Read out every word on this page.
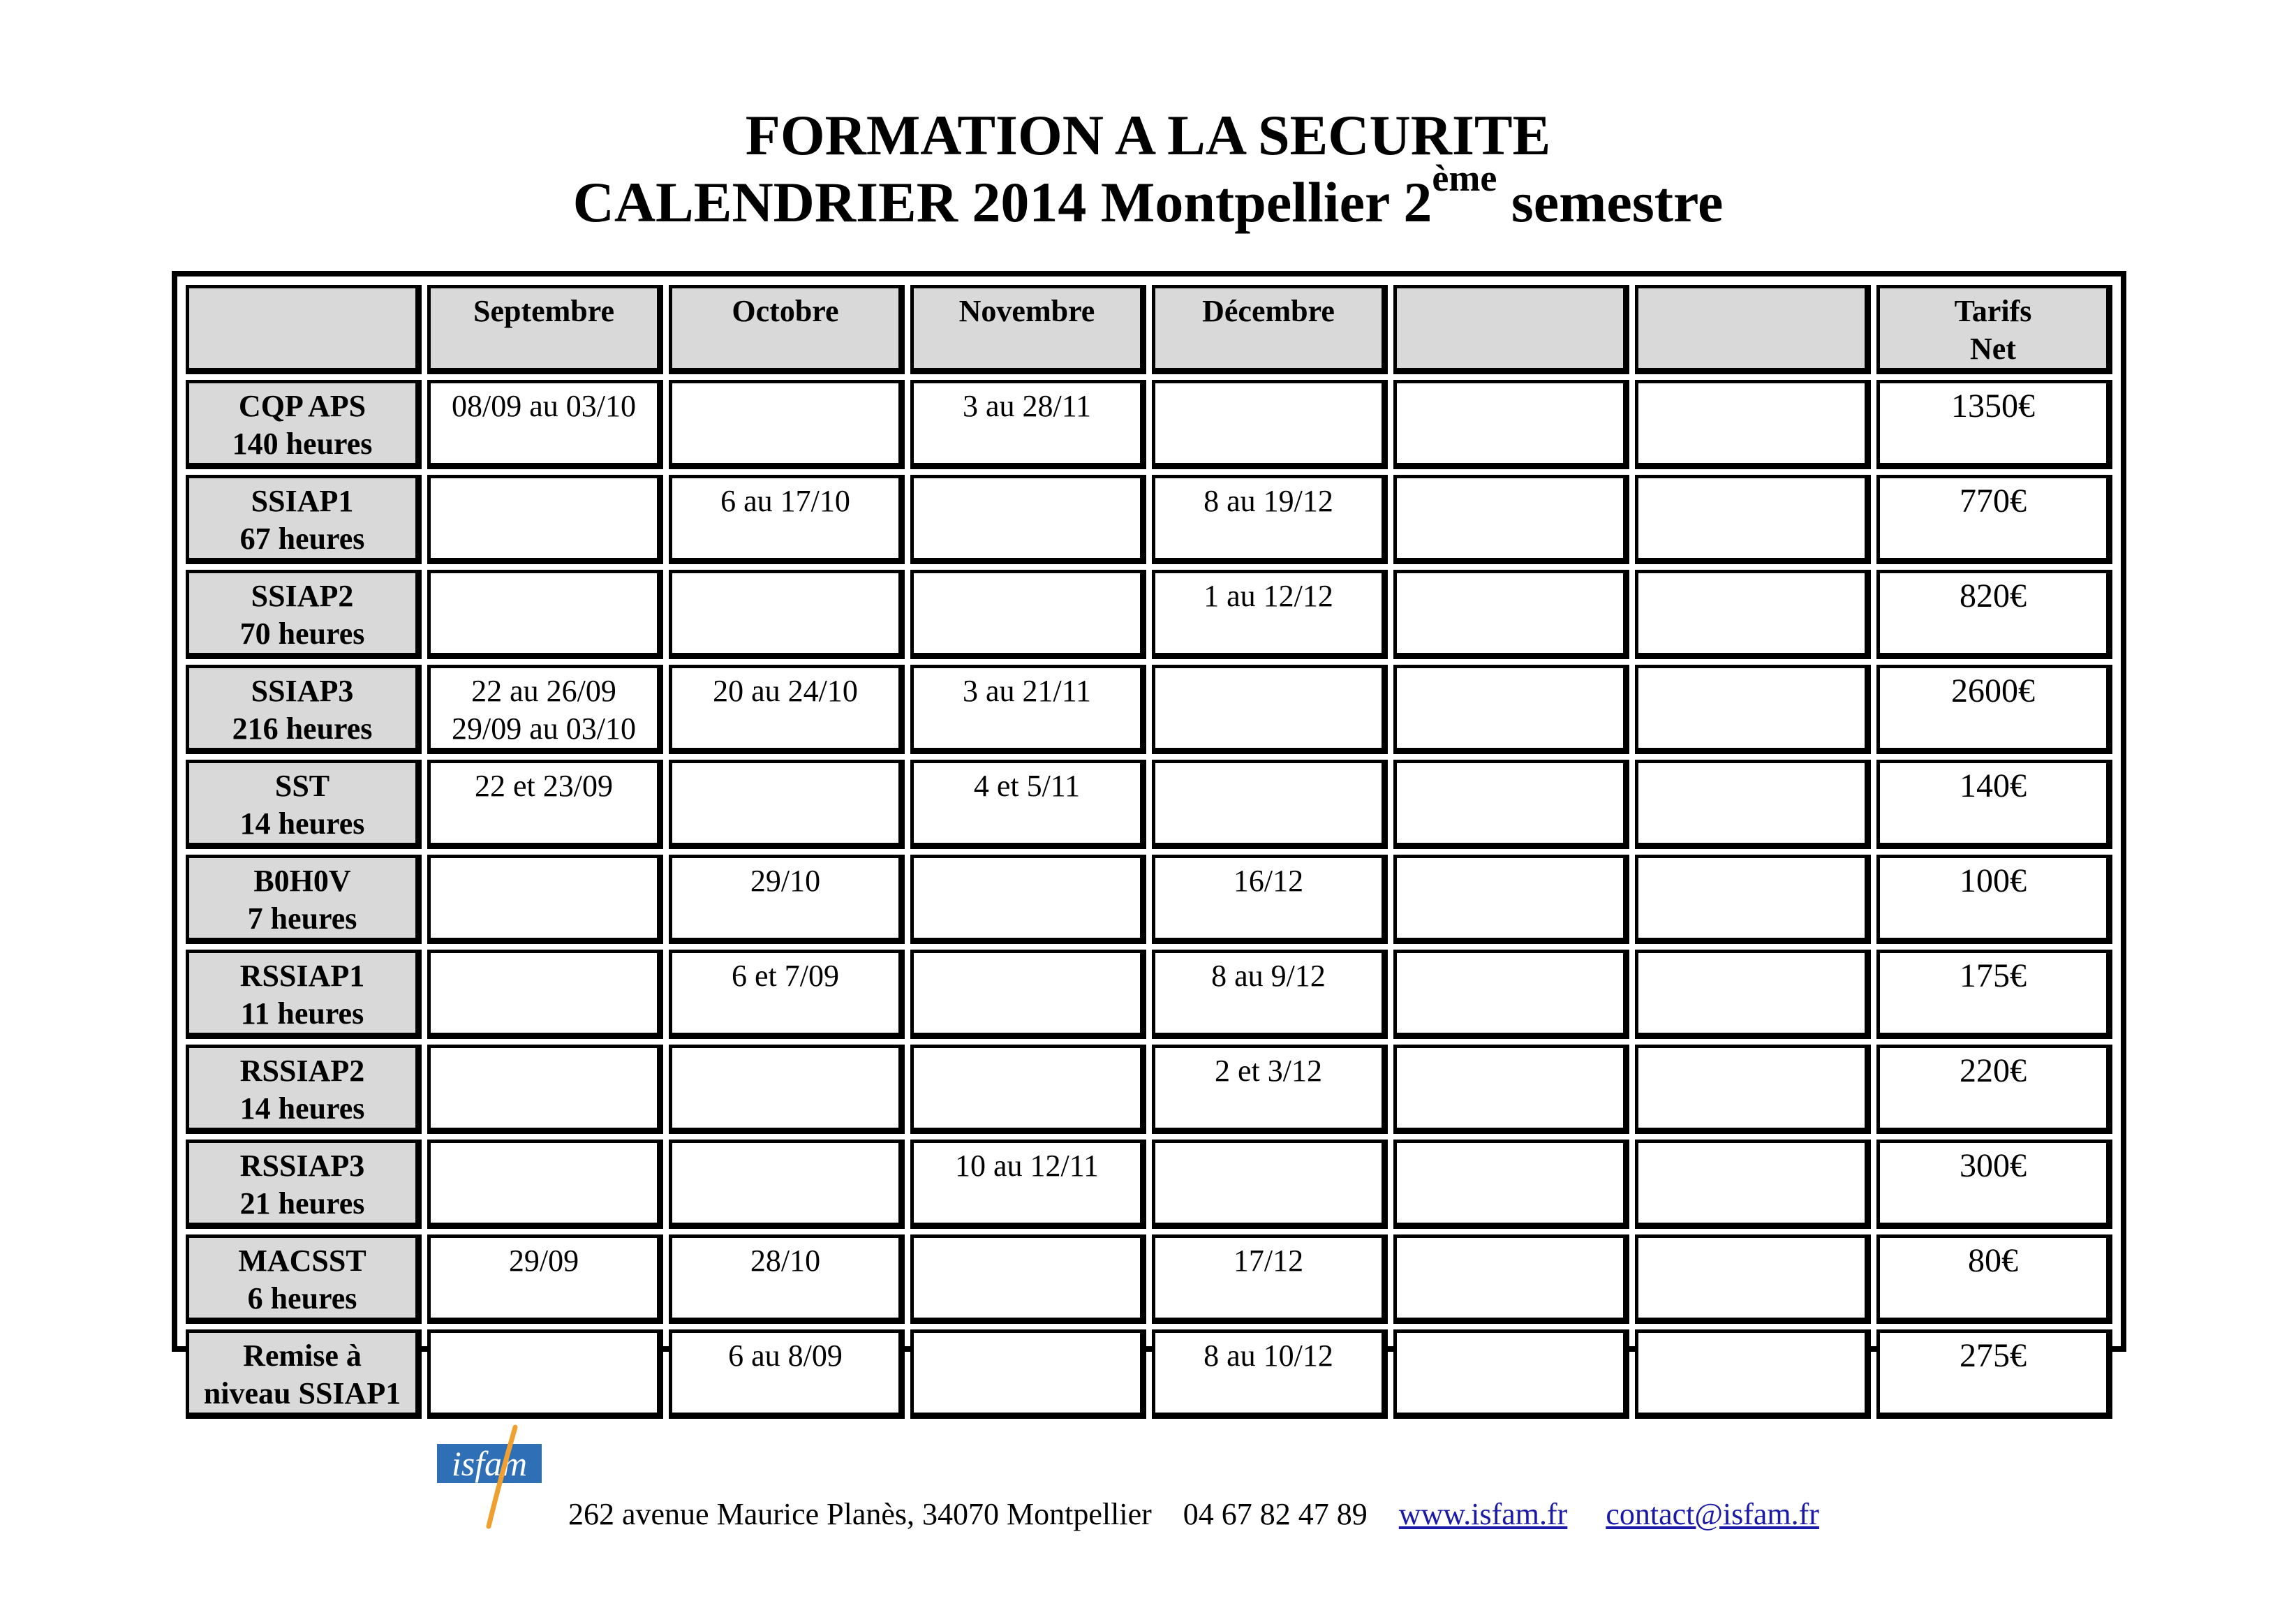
FORMATION A LA SECURITE
CALENDRIER 2014 Montpellier 2ème semestre
	Septembre	Octobre	Novembre	Décembre			Tarifs
Net
CQP APS
140 heures	08/09 au 03/10		3 au 28/11				1350€
SSIAP1
67 heures		6 au 17/10		8 au 19/12			770€
SSIAP2
70 heures				1 au 12/12			820€
SSIAP3
216 heures	22 au 26/09
29/09 au 03/10	20 au 24/10	3 au 21/11				2600€
SST
14 heures	22 et 23/09		4 et 5/11				140€
B0H0V
7 heures		29/10		16/12			100€
RSSIAP1
11 heures		6 et 7/09		8 au 9/12			175€
RSSIAP2
14 heures				2 et 3/12			220€
RSSIAP3
21 heures			10 au 12/11				300€
MACSST
6 heures	29/09	28/10		17/12			80€
Remise à
niveau SSIAP1		6 au 8/09		8 au 10/12			275€
isfam
262 avenue Maurice Planès, 34070 Montpellier 04 67 82 47 89 www.isfam.fr contact@isfam.fr
